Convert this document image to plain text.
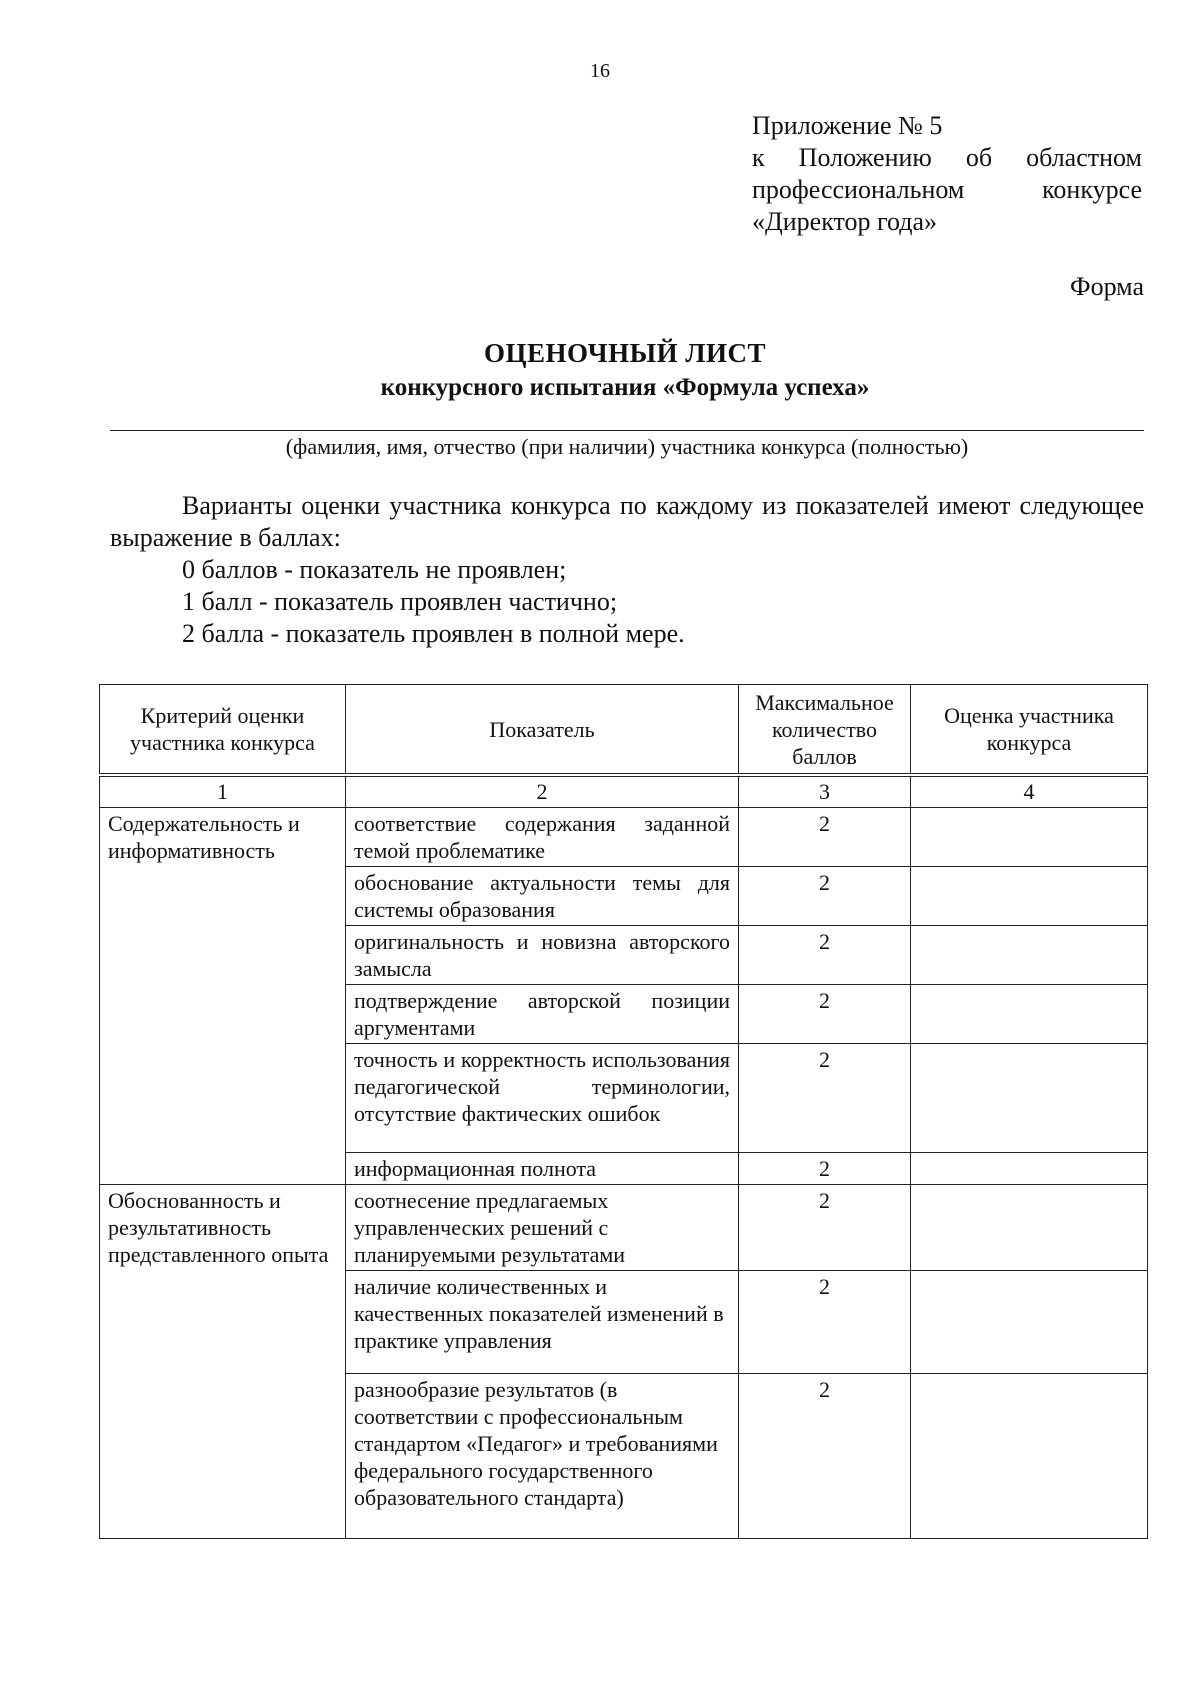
16
Приложение № 5
к Положению об областном
профессиональном конкурсе
«Директор года»
Форма
ОЦЕНОЧНЫЙ ЛИСТ
конкурсного испытания «Формула успеха»
(фамилия, имя, отчество (при наличии) участника конкурса (полностью)

Варианты оценки участника конкурса по каждому из показателей имеют следующее выражение в баллах:

0 баллов - показатель не проявлен;

1 балл - показатель проявлен частично;

2 балла - показатель проявлен в полной мере.

Критерий оценки участника конкурса	Показатель	Максимальное количество баллов	Оценка участника конкурса
1	2	3	4
Содержательность и информативность	соответствие содержания заданной темой проблематике	2	
	обоснование актуальности темы для системы образования	2	
	оригинальность и новизна авторского замысла	2	
	подтверждение авторской позиции аргументами	2	
	точность и корректность использования педагогической терминологии, отсутствие фактических ошибок	2	
	информационная полнота	2	
Обоснованность и результативность представленного опыта	соотнесение предлагаемых управленческих решений с планируемыми результатами	2	
	наличие количественных и качественных показателей изменений в практике управления	2	
	разнообразие результатов (в соответствии с профессиональным стандартом «Педагог» и требованиями федерального государственного образовательного стандарта)	2	
